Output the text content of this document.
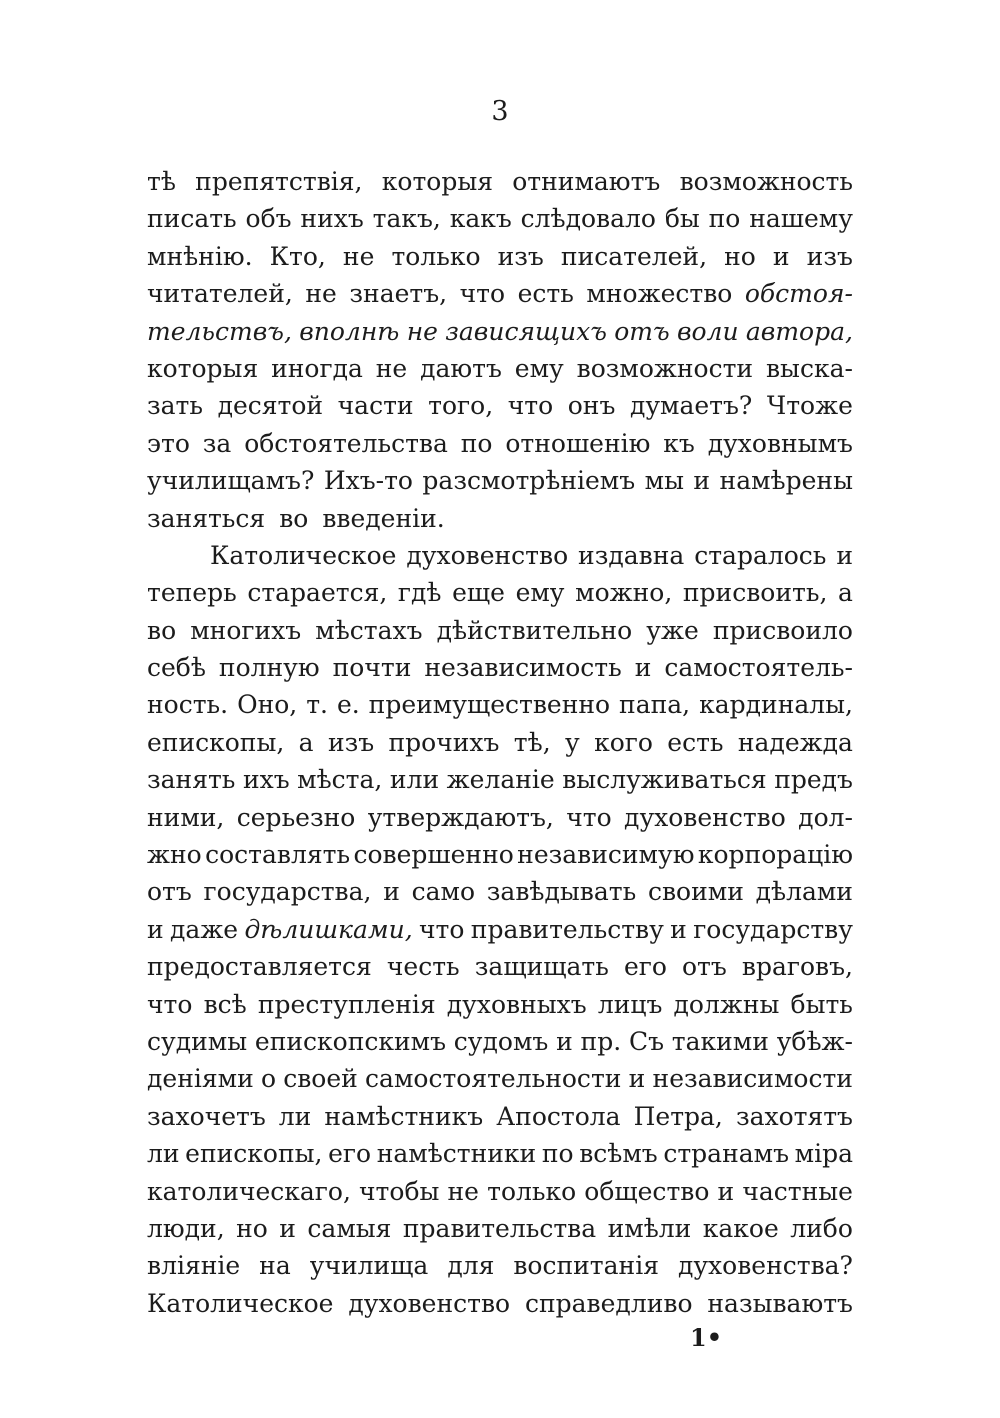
3
тѣ препятствія, которыя отнимаютъ возможность
писать объ нихъ такъ, какъ слѣдовало бы по нашему
мнѣнію. Кто, не только изъ писателей, но и изъ
читателей, не знаетъ, что есть множество обстоя-
тельствъ, вполнѣ не зависящихъ отъ воли автора,
которыя иногда не даютъ ему возможности выска-
зать десятой части того, что онъ думаетъ? Чтоже
это за обстоятельства по отношенію къ духовнымъ
училищамъ? Ихъ-то разсмотрѣніемъ мы и намѣрены
заняться во введеніи.
Католическое духовенство издавна старалось и
теперь старается, гдѣ еще ему можно, присвоить, а
во многихъ мѣстахъ дѣйствительно уже присвоило
себѣ полную почти независимость и самостоятель-
ность. Оно, т. е. преимущественно папа, кардиналы,
епископы, а изъ прочихъ тѣ, у кого есть надежда
занять ихъ мѣста, или желаніе выслуживаться предъ
ними, серьезно утверждаютъ, что духовенство дол-
жно составлять совершенно независимую корпорацію
отъ государства, и само завѣдывать своими дѣлами
и даже дѣлишками, что правительству и государству
предоставляется честь защищать его отъ враговъ,
что всѣ преступленія духовныхъ лицъ должны быть
судимы епископскимъ судомъ и пр. Съ такими убѣж-
деніями о своей самостоятельности и независимости
захочетъ ли намѣстникъ Апостола Петра, захотятъ
ли епископы, его намѣстники по всѣмъ странамъ міра
католическаго, чтобы не только общество и частные
люди, но и самыя правительства имѣли какое либо
вліяніе на училища для воспитанія духовенства?
Католическое духовенство справедливо называютъ
1•
